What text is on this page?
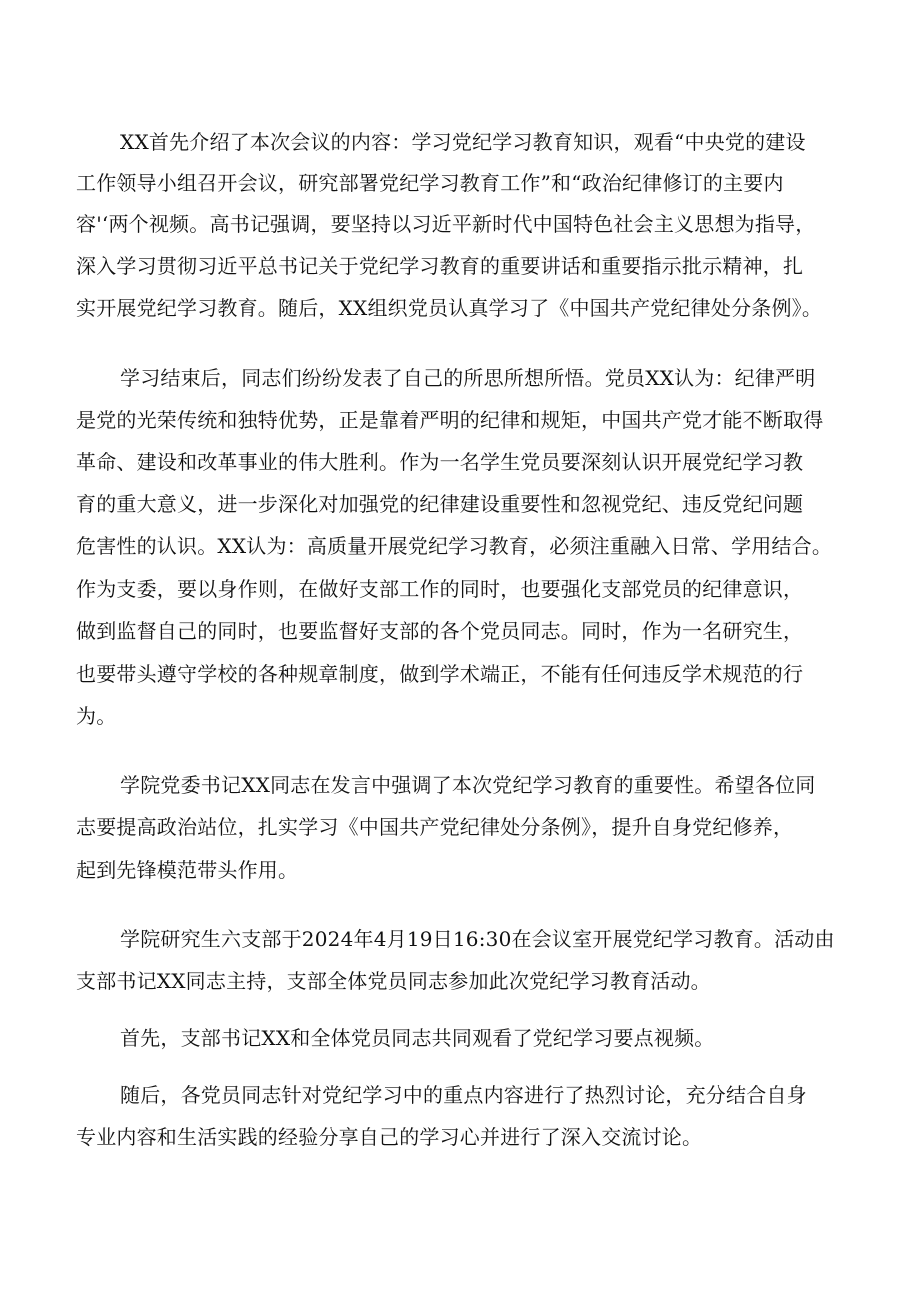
XX首先介绍了本次会议的内容：学习党纪学习教育知识，观看“中央党的建设
工作领导小组召开会议，研究部署党纪学习教育工作”和“政治纪律修订的主要内
容'‘两个视频。高书记强调，要坚持以习近平新时代中国特色社会主义思想为指导，
深入学习贯彻习近平总书记关于党纪学习教育的重要讲话和重要指示批示精神，扎
实开展党纪学习教育。随后，XX组织党员认真学习了《中国共产党纪律处分条例》。
学习结束后，同志们纷纷发表了自己的所思所想所悟。党员XX认为：纪律严明
是党的光荣传统和独特优势，正是靠着严明的纪律和规矩，中国共产党才能不断取得
革命、建设和改革事业的伟大胜利。作为一名学生党员要深刻认识开展党纪学习教
育的重大意义，进一步深化对加强党的纪律建设重要性和忽视党纪、违反党纪问题
危害性的认识。XX认为：高质量开展党纪学习教育，必须注重融入日常、学用结合。
作为支委，要以身作则，在做好支部工作的同时，也要强化支部党员的纪律意识，
做到监督自己的同时，也要监督好支部的各个党员同志。同时，作为一名研究生，
也要带头遵守学校的各种规章制度，做到学术端正，不能有任何违反学术规范的行
为。
学院党委书记XX同志在发言中强调了本次党纪学习教育的重要性。希望各位同
志要提高政治站位，扎实学习《中国共产党纪律处分条例》，提升自身党纪修养，
起到先锋模范带头作用。
学院研究生六支部于2024年4月19日16:30在会议室开展党纪学习教育。活动由
支部书记XX同志主持，支部全体党员同志参加此次党纪学习教育活动。
首先，支部书记XX和全体党员同志共同观看了党纪学习要点视频。
随后，各党员同志针对党纪学习中的重点内容进行了热烈讨论，充分结合自身
专业内容和生活实践的经验分享自己的学习心并进行了深入交流讨论。
